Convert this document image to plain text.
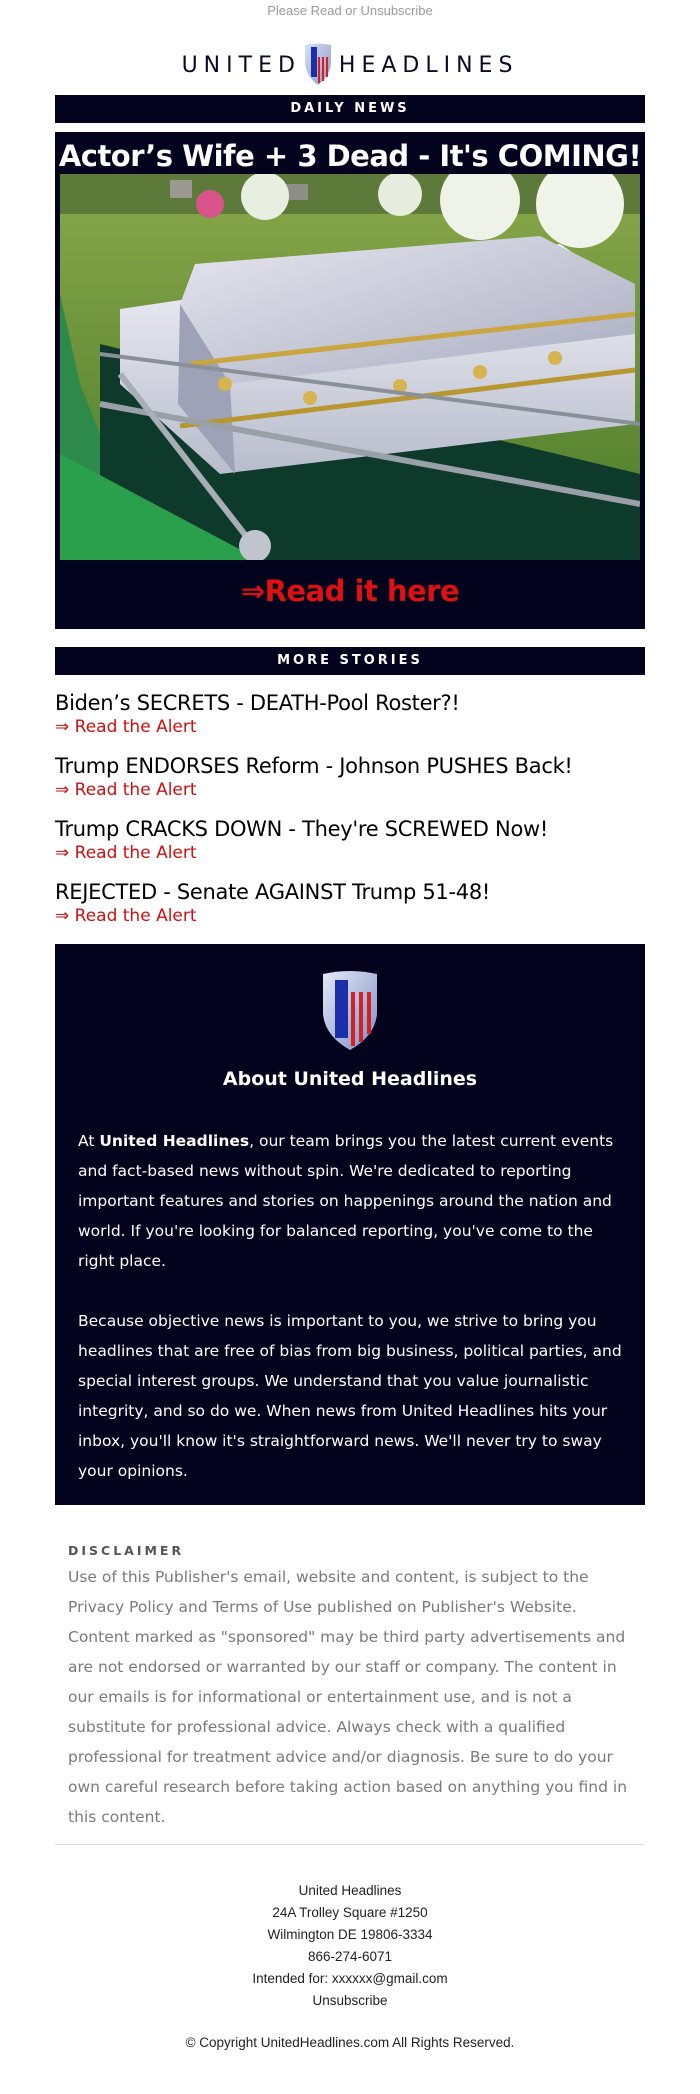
Please Read or Unsubscribe
UNITED HEADLINES
DAILY NEWS
Actor’s Wife + 3 Dead - It's COMING!
⇒Read it here
MORE STORIES
Biden’s SECRETS - DEATH-Pool Roster?!
⇒ Read the Alert
Trump ENDORSES Reform - Johnson PUSHES Back!
⇒ Read the Alert
Trump CRACKS DOWN - They're SCREWED Now!
⇒ Read the Alert
REJECTED - Senate AGAINST Trump 51-48!
⇒ Read the Alert
About United Headlines

At United Headlines, our team brings you the latest current events and fact-based news without spin. We're dedicated to reporting important features and stories on happenings around the nation and world. If you're looking for balanced reporting, you've come to the right place.

Because objective news is important to you, we strive to bring you headlines that are free of bias from big business, political parties, and special interest groups. We understand that you value journalistic integrity, and so do we. When news from United Headlines hits your inbox, you'll know it's straightforward news. We'll never try to sway your opinions.

DISCLAIMER
Use of this Publisher's email, website and content, is subject to the Privacy Policy and Terms of Use published on Publisher's Website. Content marked as "sponsored" may be third party advertisements and are not endorsed or warranted by our staff or company. The content in our emails is for informational or entertainment use, and is not a substitute for professional advice. Always check with a qualified professional for treatment advice and/or diagnosis. Be sure to do your own careful research before taking action based on anything you find in this content.
United Headlines
24A Trolley Square #1250
Wilmington DE 19806-3334
866-274-6071
Intended for: xxxxxx@gmail.com
Unsubscribe
© Copyright UnitedHeadlines.com All Rights Reserved.
